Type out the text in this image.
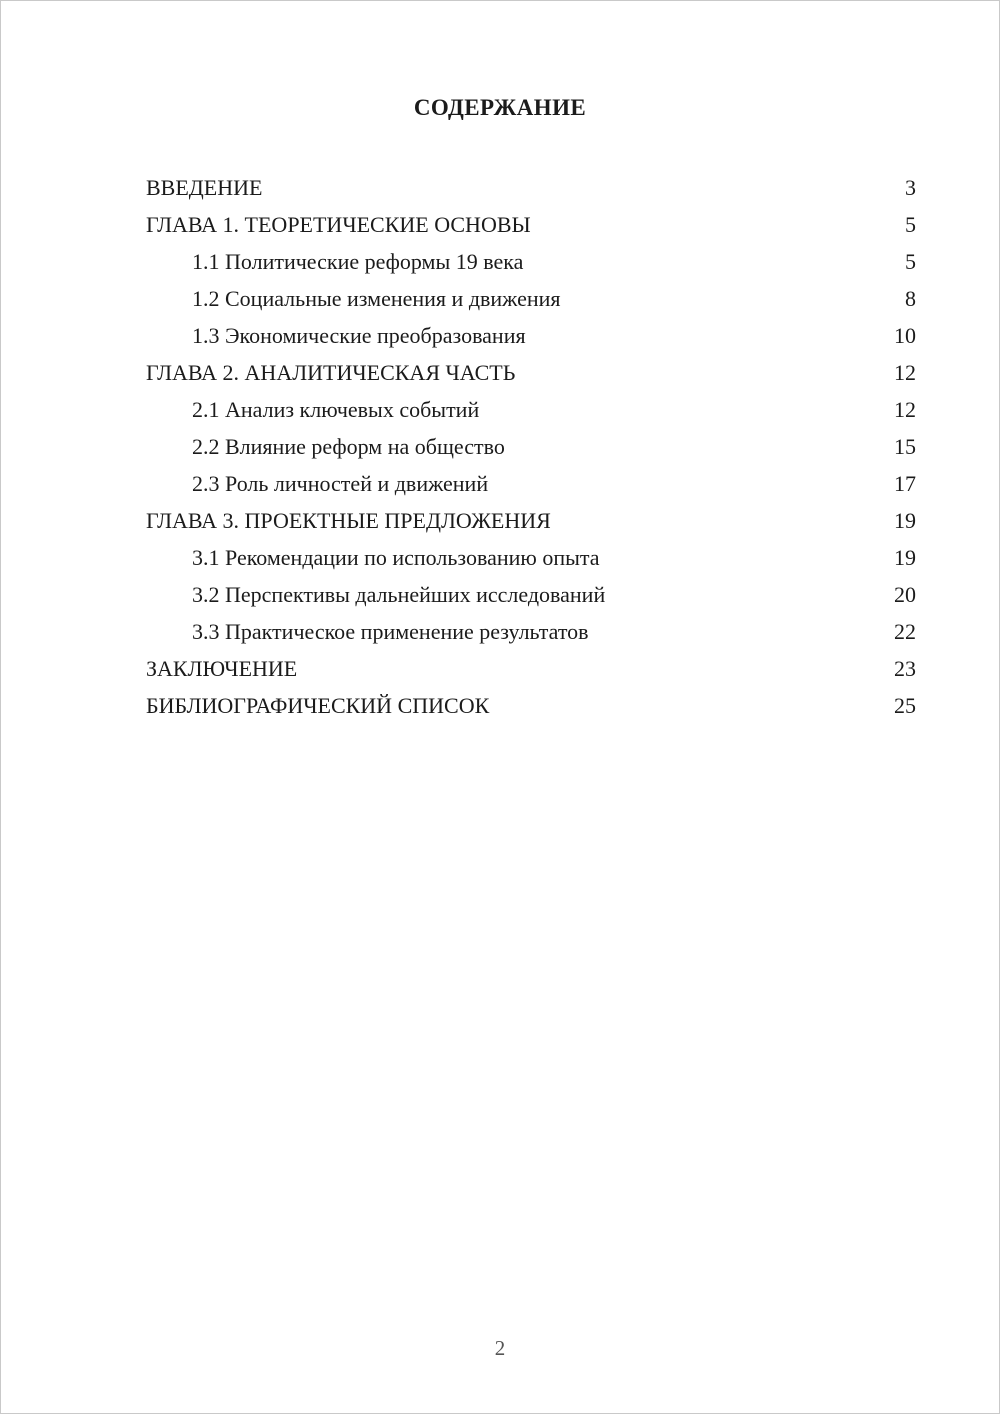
СОДЕРЖАНИЕ
ВВЕДЕНИЕ	3
ГЛАВА 1. ТЕОРЕТИЧЕСКИЕ ОСНОВЫ	5
1.1 Политические реформы 19 века	5
1.2 Социальные изменения и движения	8
1.3 Экономические преобразования	10
ГЛАВА 2. АНАЛИТИЧЕСКАЯ ЧАСТЬ	12
2.1 Анализ ключевых событий	12
2.2 Влияние реформ на общество	15
2.3 Роль личностей и движений	17
ГЛАВА 3. ПРОЕКТНЫЕ ПРЕДЛОЖЕНИЯ	19
3.1 Рекомендации по использованию опыта	19
3.2 Перспективы дальнейших исследований	20
3.3 Практическое применение результатов	22
ЗАКЛЮЧЕНИЕ	23
БИБЛИОГРАФИЧЕСКИЙ СПИСОК	25
2
